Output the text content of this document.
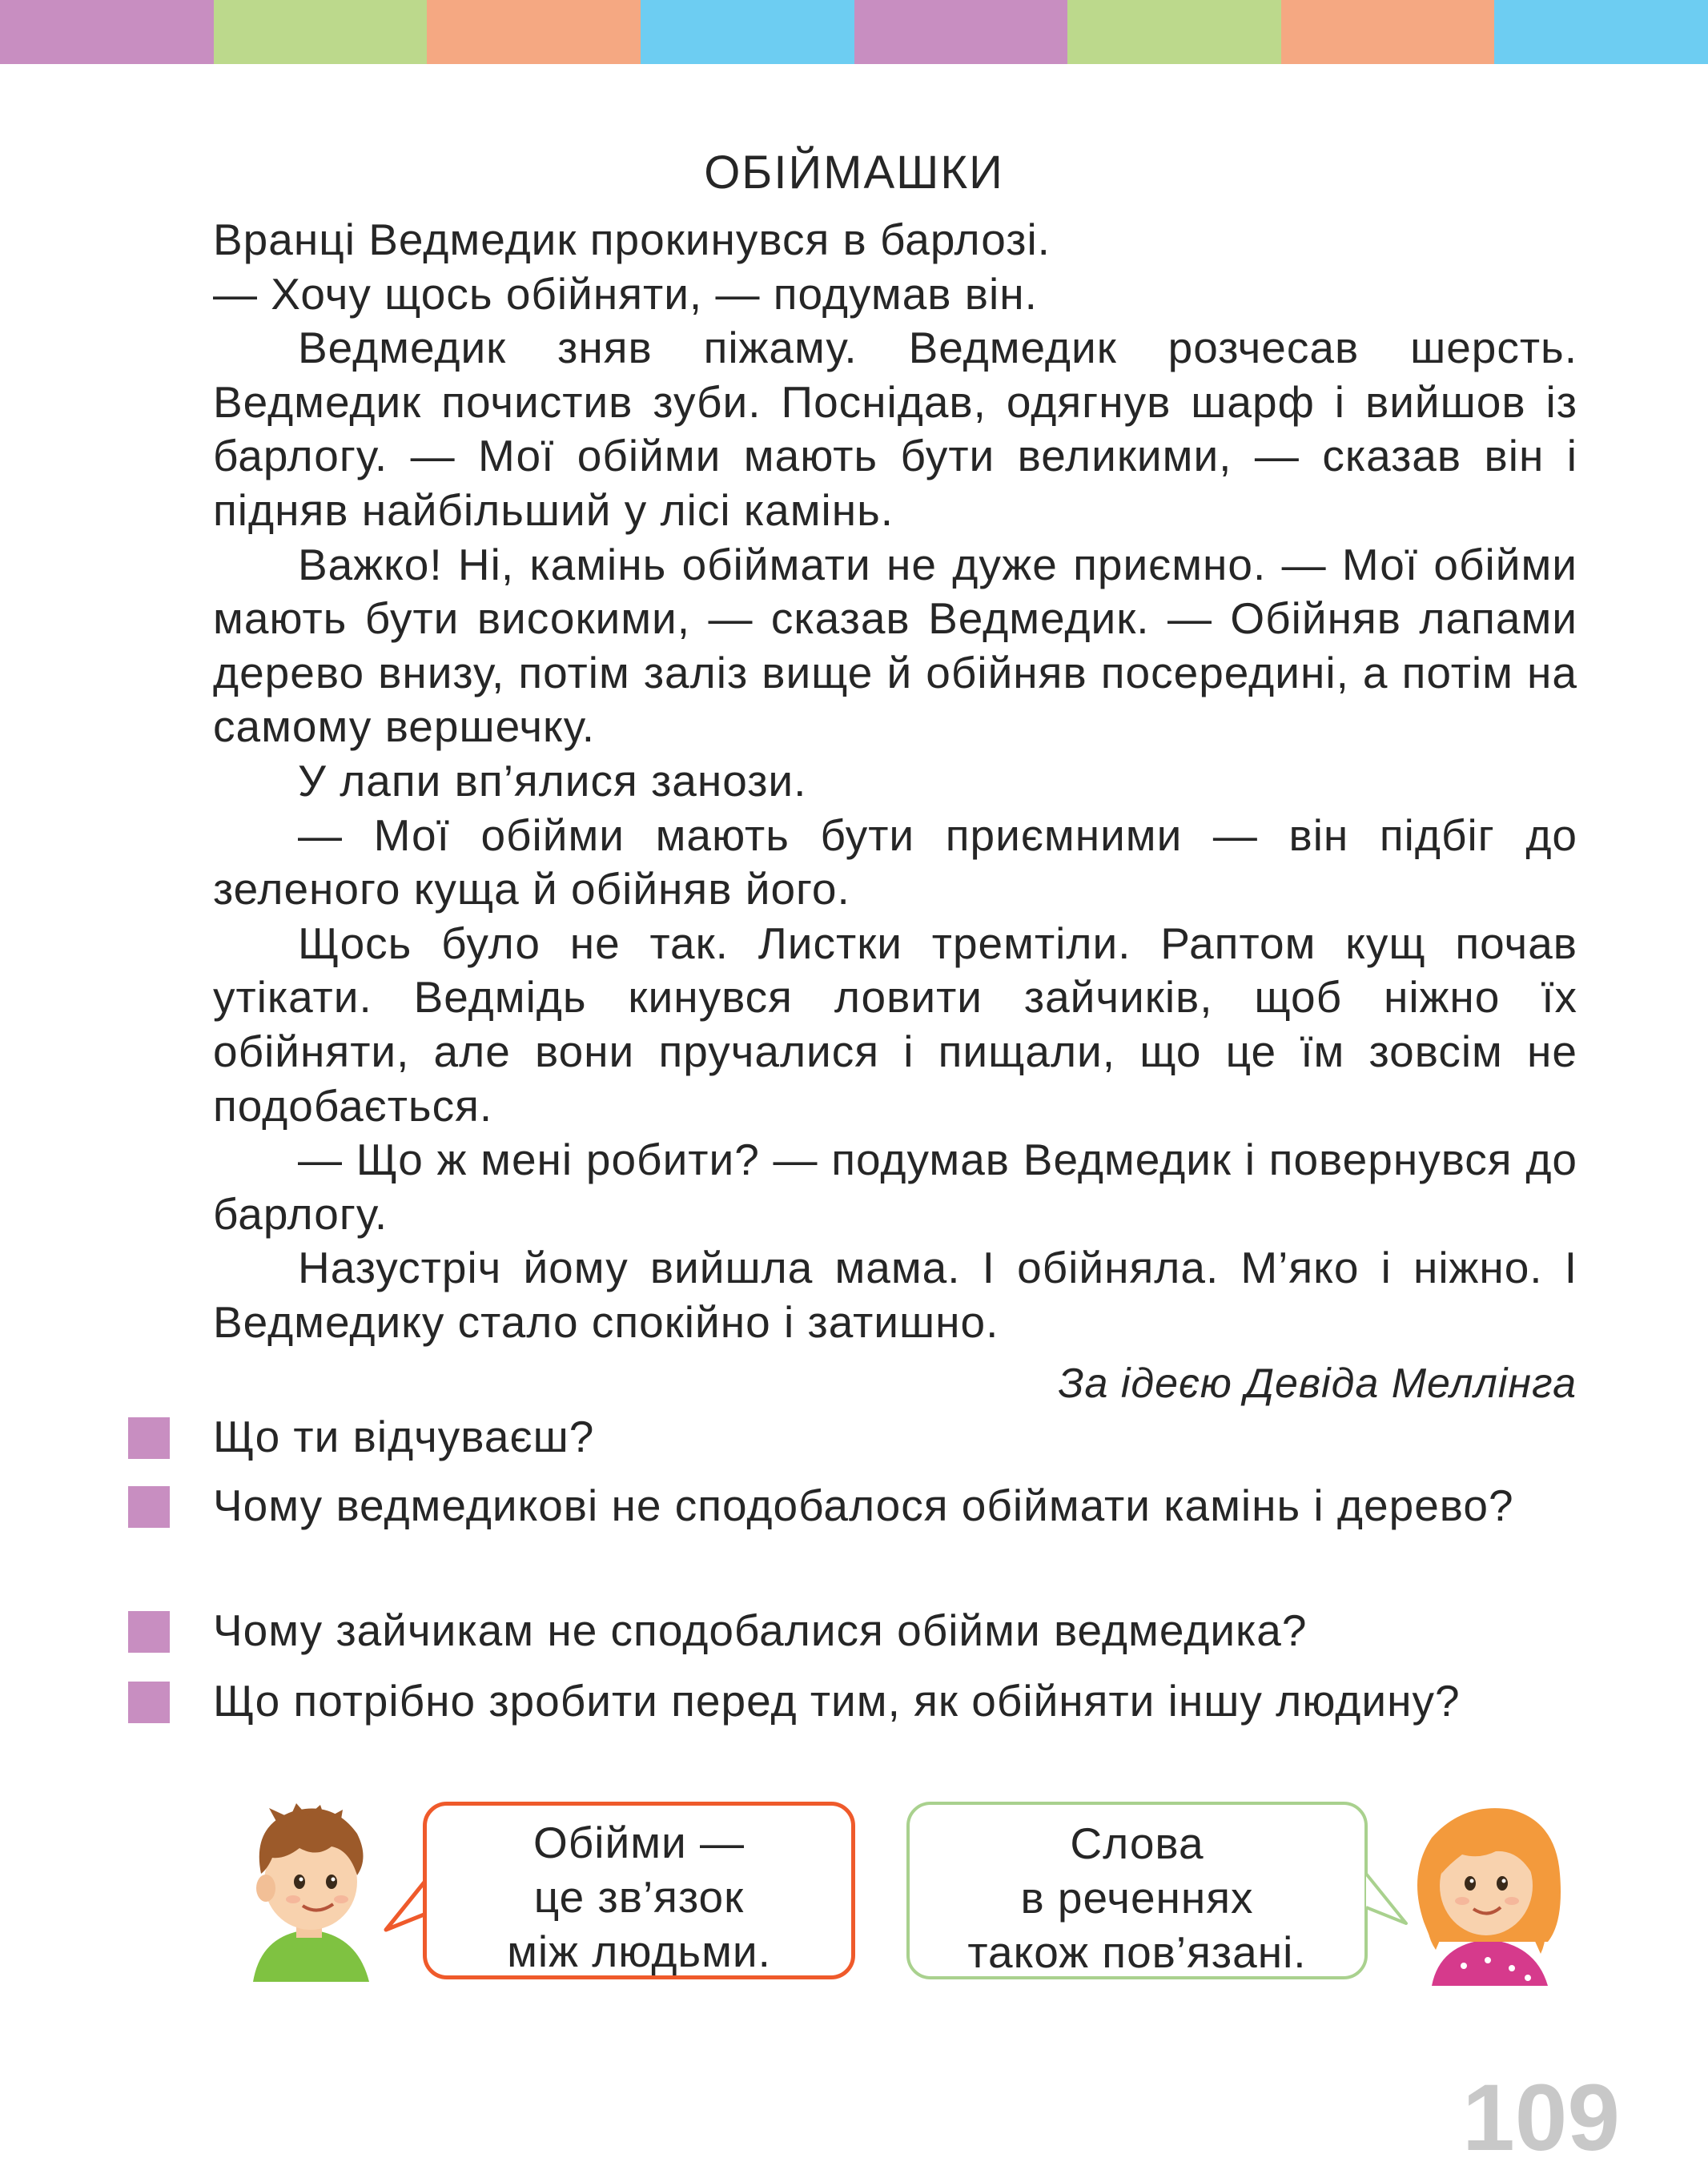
ОБІЙМАШКИ

Вранці Ведмедик прокинувся в барлозі.

— Хочу щось обійняти, — подумав він.

Ведмедик зняв піжаму. Ведмедик розчесав шерсть. Ведмедик почистив зуби. Поснідав, одягнув шарф і вийшов із барлогу. — Мої обійми мають бути великими, — сказав він і підняв найбільший у лісі камінь.

Важко! Ні, камінь обіймати не дуже приємно. — Мої обійми мають бути високими, — сказав Ведмедик. — Обійняв лапами дерево внизу, потім заліз вище й обійняв посередині, а потім на самому вершечку.

У лапи вп’ялися занози.

— Мої обійми мають бути приємними — він підбіг до зеленого куща й обійняв його.

Щось було не так. Листки тремтіли. Раптом кущ почав утікати. Ведмідь кинувся ловити зайчиків, щоб ніжно їх обійняти, але вони пручалися і пищали, що це їм зовсім не подобається.

— Що ж мені робити? — подумав Ведмедик і повернувся до барлогу.

Назустріч йому вийшла мама. І обійняла. М’яко і ніжно. І Ведмедику стало спокійно і затишно.

За ідеєю Девіда Меллінга
Що ти відчуваєш?
Чому ведмедикові не сподобалося обіймати камінь і дерево?
Чому зайчикам не сподобалися обійми ведмедика?
Що потрібно зробити перед тим, як обійняти іншу людину?
Обійми —
це зв’язок
між людьми.
Слова
в реченнях
також пов’язані.
109
